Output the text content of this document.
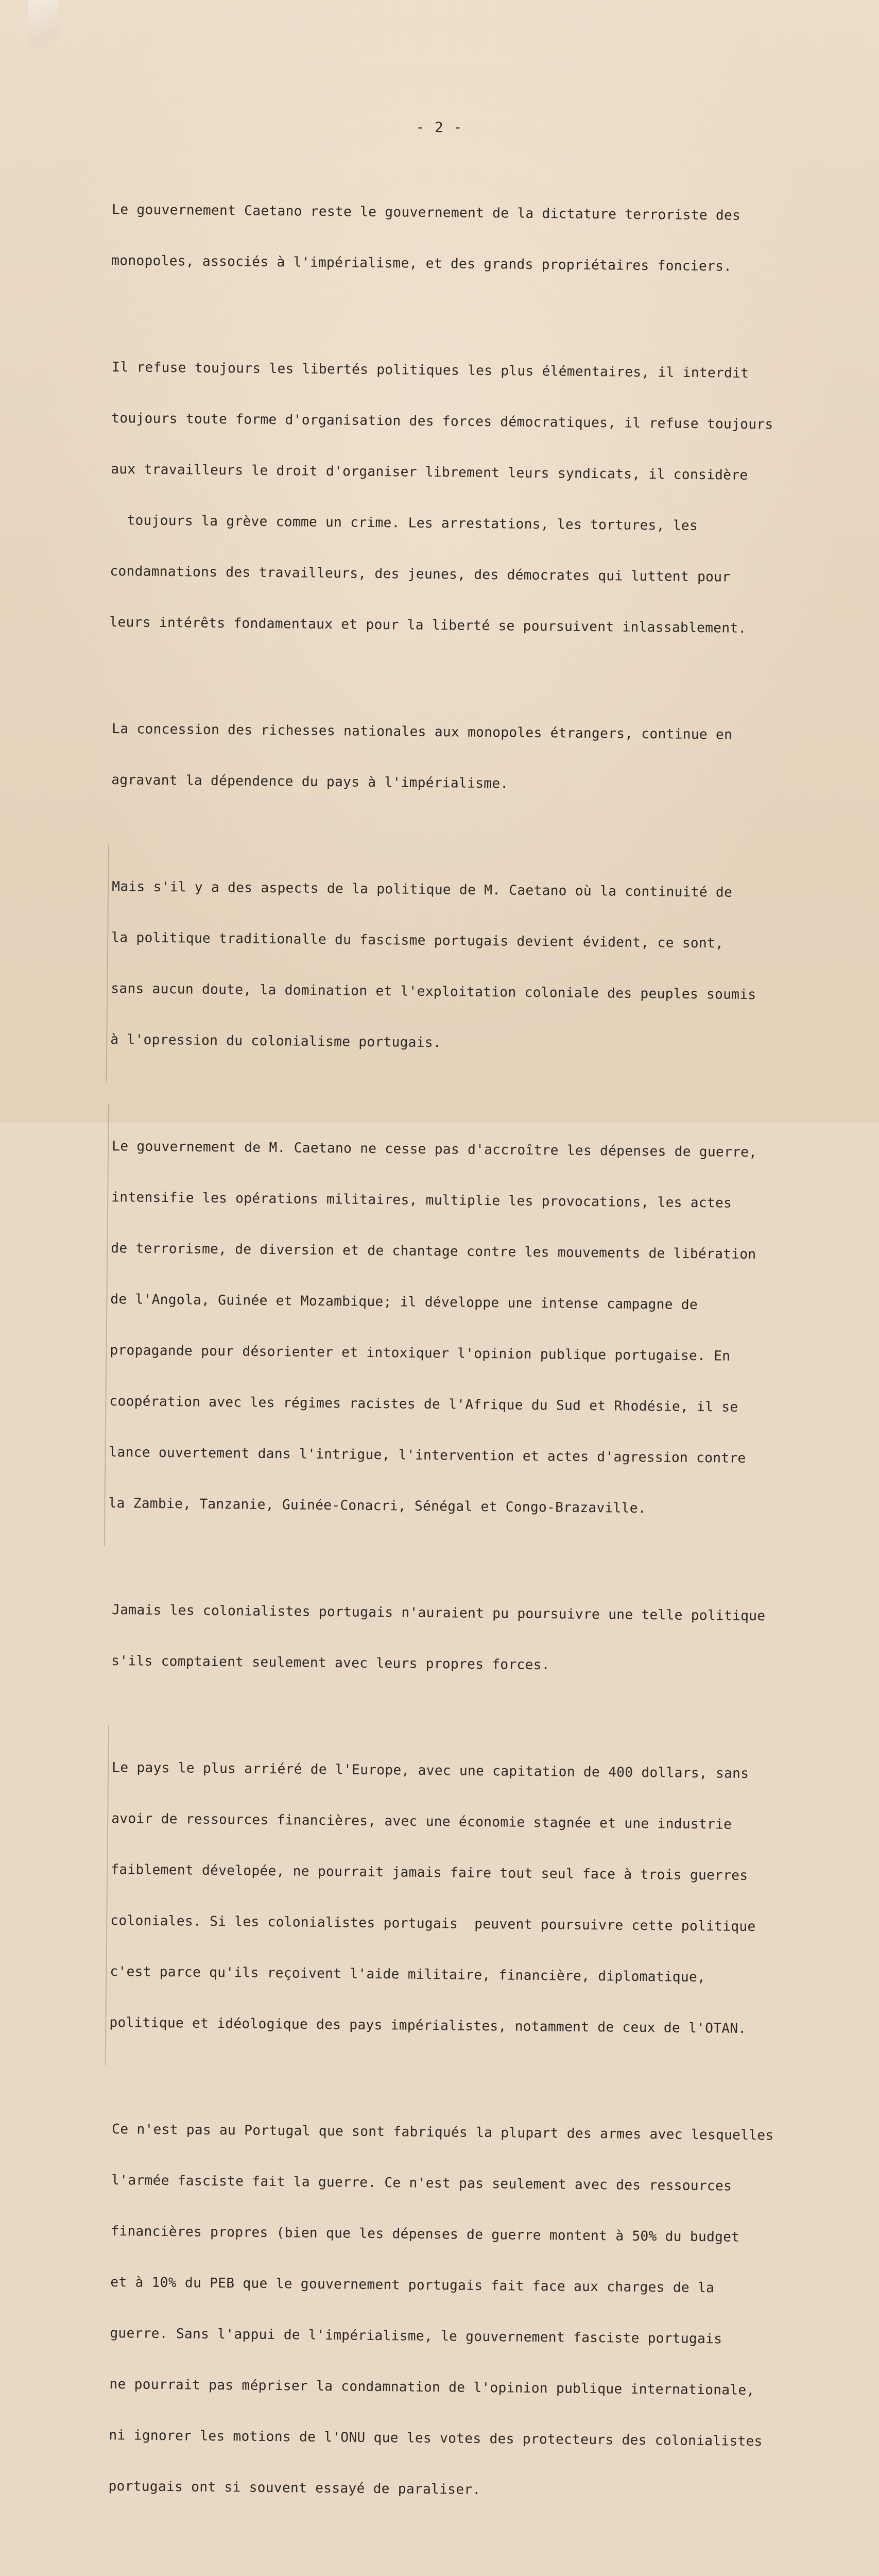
- 2 -

Le gouvernement Caetano reste le gouvernement de la dictature terroriste des

monopoles, associés à l'impérialisme, et des grands propriétaires fonciers.

Il refuse toujours les libertés politiques les plus élémentaires, il interdit

toujours toute forme d'organisation des forces démocratiques, il refuse toujours

aux travailleurs le droit d'organiser librement leurs syndicats, il considère

toujours la grève comme un crime. Les arrestations, les tortures, les

condamnations des travailleurs, des jeunes, des démocrates qui luttent pour

leurs intérêts fondamentaux et pour la liberté se poursuivent inlassablement.

La concession des richesses nationales aux monopoles étrangers, continue en

agravant la dépendence du pays à l'impérialisme.

Mais s'il y a des aspects de la politique de M. Caetano où la continuité de

la politique traditionalle du fascisme portugais devient évident, ce sont,

sans aucun doute, la domination et l'exploitation coloniale des peuples soumis

à l'opression du colonialisme portugais.

Le gouvernement de M. Caetano ne cesse pas d'accroître les dépenses de guerre,

intensifie les opérations militaires, multiplie les provocations, les actes

de terrorisme, de diversion et de chantage contre les mouvements de libération

de l'Angola, Guinée et Mozambique; il développe une intense campagne de

propagande pour désorienter et intoxiquer l'opinion publique portugaise. En

coopération avec les régimes racistes de l'Afrique du Sud et Rhodésie, il se

lance ouvertement dans l'intrigue, l'intervention et actes d'agression contre

la Zambie, Tanzanie, Guinée-Conacri, Sénégal et Congo-Brazaville.

Jamais les colonialistes portugais n'auraient pu poursuivre une telle politique

s'ils comptaient seulement avec leurs propres forces.

Le pays le plus arriéré de l'Europe, avec une capitation de 400 dollars, sans

avoir de ressources financières, avec une économie stagnée et une industrie

faiblement dévelopée, ne pourrait jamais faire tout seul face à trois guerres

coloniales. Si les colonialistes portugais  peuvent poursuivre cette politique

c'est parce qu'ils reçoivent l'aide militaire, financière, diplomatique,

politique et idéologique des pays impérialistes, notamment de ceux de l'OTAN.

Ce n'est pas au Portugal que sont fabriqués la plupart des armes avec lesquelles

l'armée fasciste fait la guerre. Ce n'est pas seulement avec des ressources

financières propres (bien que les dépenses de guerre montent à 50% du budget

et à 10% du PEB que le gouvernement portugais fait face aux charges de la

guerre. Sans l'appui de l'impérialisme, le gouvernement fasciste portugais

ne pourrait pas mépriser la condamnation de l'opinion publique internationale,

ni ignorer les motions de l'ONU que les votes des protecteurs des colonialistes

portugais ont si souvent essayé de paraliser.
